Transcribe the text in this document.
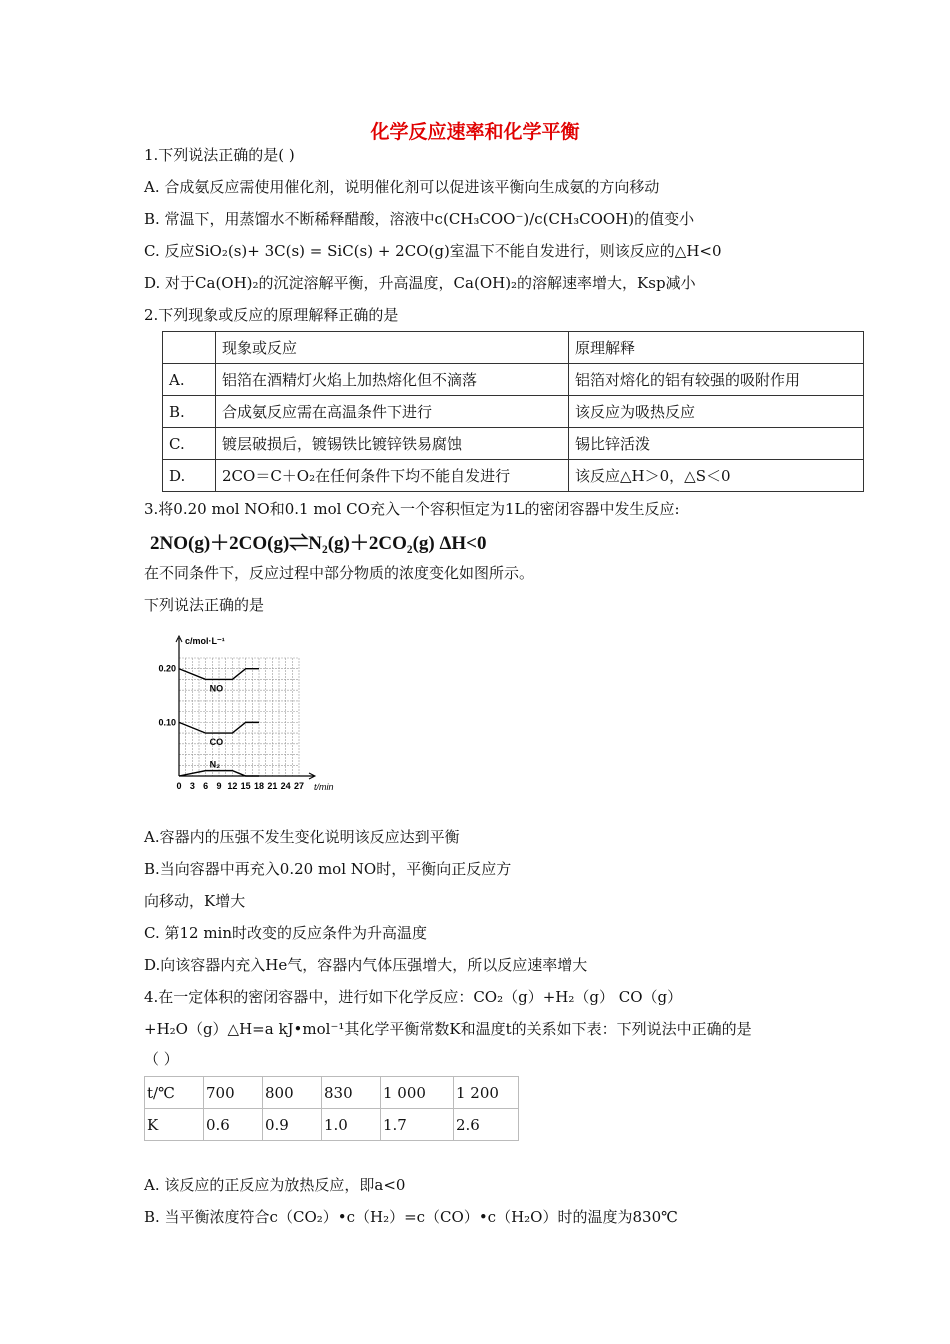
化学反应速率和化学平衡
1.下列说法正确的是( )
A. 合成氨反应需使用催化剂，说明催化剂可以促进该平衡向生成氨的方向移动
B. 常温下，用蒸馏水不断稀释醋酸，溶液中c(CH₃COO⁻)/c(CH₃COOH)的值变小
C. 反应SiO₂(s)+ 3C(s) = SiC(s) + 2CO(g)室温下不能自发进行，则该反应的△H<0
D. 对于Ca(OH)₂的沉淀溶解平衡，升高温度，Ca(OH)₂的溶解速率增大，Ksp减小
2.下列现象或反应的原理解释正确的是
	现象或反应	原理解释
A.	铝箔在酒精灯火焰上加热熔化但不滴落	铝箔对熔化的铝有较强的吸附作用
B.	合成氨反应需在高温条件下进行	该反应为吸热反应
C.	镀层破损后，镀锡铁比镀锌铁易腐蚀	锡比锌活泼
D.	2CO＝C＋O₂在任何条件下均不能自发进行	该反应△H＞0，△S＜0
3.将0.20 mol NO和0.1 mol CO充入一个容积恒定为1L的密闭容器中发生反应:
2NO(g)＋2CO(g)⇌N₂(g)＋2CO₂(g) ΔH<0
在不同条件下，反应过程中部分物质的浓度变化如图所示。
下列说法正确的是
0 3 6 9 12 15 18 21 24 27
0.20
0.10
c/mol·L⁻¹
t/min
NO
CO
N₂
A.容器内的压强不发生变化说明该反应达到平衡
B.当向容器中再充入0.20 mol NO时，平衡向正反应方
向移动，K增大
C. 第12 min时改变的反应条件为升高温度
D.向该容器内充入He气，容器内气体压强增大，所以反应速率增大
4.在一定体积的密闭容器中，进行如下化学反应：CO₂（g）+H₂（g） CO（g）
+H₂O（g）△H=a kJ•mol⁻¹其化学平衡常数K和温度t的关系如下表：下列说法中正确的是
（ ）
t/℃	700	800	830	1 000	1 200
K	0.6	0.9	1.0	1.7	2.6
A. 该反应的正反应为放热反应，即a<0
B. 当平衡浓度符合c（CO₂）•c（H₂）=c（CO）•c（H₂O）时的温度为830℃
